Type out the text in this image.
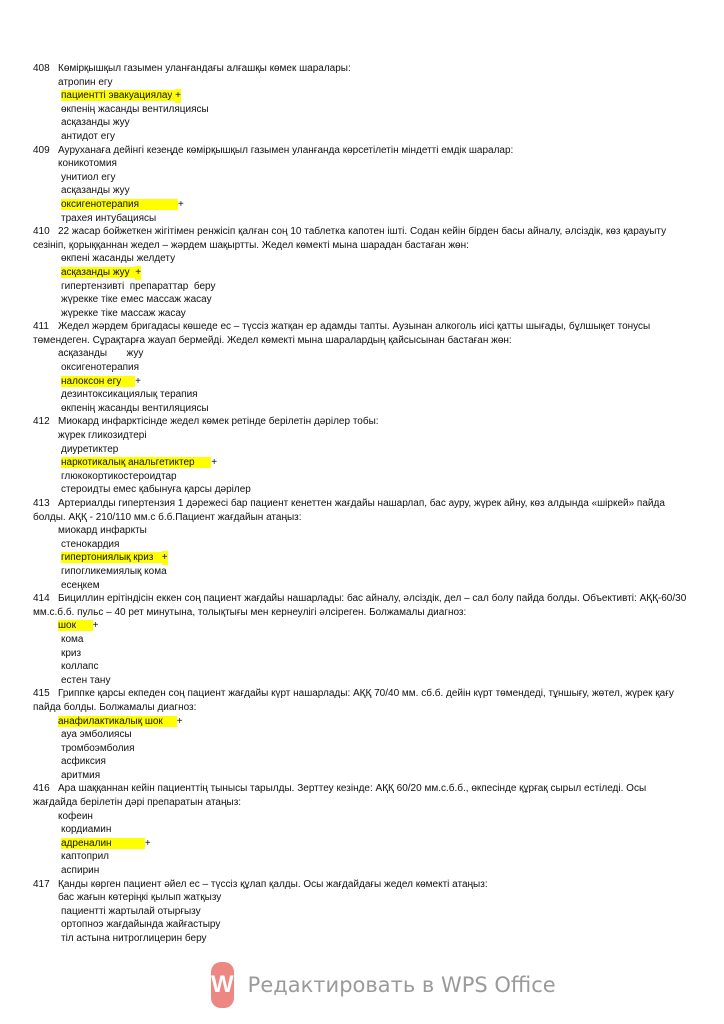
408 Көмірқышқыл газымен уланғандағы алғашқы көмек шаралары:
атропин егу
пациентті эвакуациялау +
өкпенің жасанды вентиляциясы
асқазанды жуу
антидот егу
409 Ауруханаға дейінгі кезеңде көмірқышқыл газымен уланғанда көрсетілетін міндетті емдік шаралар:
коникотомия
унитиол егу
асқазанды жуу
оксигенотерапия	+
трахея интубациясы
410 22 жасар бойжеткен жігітімен ренжісіп қалған соң 10 таблетка капотен ішті. Содан кейін бірден басы айналу, әлсіздік, көз қарауыту сезініп, қорыққаннан жедел – жәрдем шақыртты. Жедел көмекті мына шарадан бастаған жөн:
өкпені жасанды желдету
асқазанды жуу +
гипертензивті  препараттар  беру
жүрекке тіке емес массаж жасау
жүрекке тіке массаж жасау
411 Жедел жәрдем бригадасы көшеде ес – түссіз жатқан ер адамды тапты. Аузынан алкоголь иісі қатты шығады, бұлшықет тонусы төмендеген. Сұрақтарға жауап бермейді. Жедел көмекті мына шаралардың қайсысынан бастаған жөн:
асқазанды       жуу
оксигенотерапия
налоксон егу +
дезинтоксикациялық терапия
өкпенің жасанды вентиляциясы
412 Миокард инфарктісінде жедел көмек ретінде берілетін дәрілер тобы:
жүрек гликозидтері
диуретиктер
наркотикалық анальгетиктер +
глюкокортикостероидтар
стероидты емес қабынуға қарсы дәрілер
413 Артериалды гипертензия 1 дәрежесі бар пациент кенеттен жағдайы нашарлап, бас ауру, жүрек айну, көз алдында «шіркей» пайда болды. АҚҚ - 210/110 мм.с б.б.Пациент жағдайын атаңыз:
миокард инфаркты
стенокардия
гипертониялық криз +
гипогликемиялық кома
есеңкем
414 Бициллин ерітіндісін еккен соң пациент жағдайы нашарлады: бас айналу, әлсіздік, дел – сал болу пайда болды. Объективті: АҚҚ-60/30 мм.с.б.б. пульс – 40 рет минутына, толықтығы мен кернеулігі әлсіреген. Болжамалы диагноз:
шок +
кома
криз
коллапс
естен тану
415 Гриппке қарсы екпеден соң пациент жағдайы күрт нашарлады: АҚҚ 70/40 мм. сб.б. дейін күрт төмендеді, тұншығу, жөтел, жүрек қағу пайда болды. Болжамалы диагноз:
анафилактикалық шок +
ауа эмболиясы
тромбоэмболия
асфиксия
аритмия
416 Ара шаққаннан кейін пациенттің тынысы тарылды. Зерттеу кезінде: АҚҚ 60/20 мм.с.б.б., өкпесінде құрғақ сырыл естіледі. Осы жағдайда берілетін дәрі препаратын атаңыз:
кофеин
кордиамин
адреналин	+
каптоприл
аспирин
417 Қанды көрген пациент әйел ес – түссіз құлап қалды. Осы жағдайдағы жедел көмекті атаңыз:
бас жағын көтеріңкі қылып жатқызу
пациентті жартылай отырғызу
ортопноэ жағдайында жайғастыру
тіл астына нитроглицерин беру
W Редактировать в WPS Office
